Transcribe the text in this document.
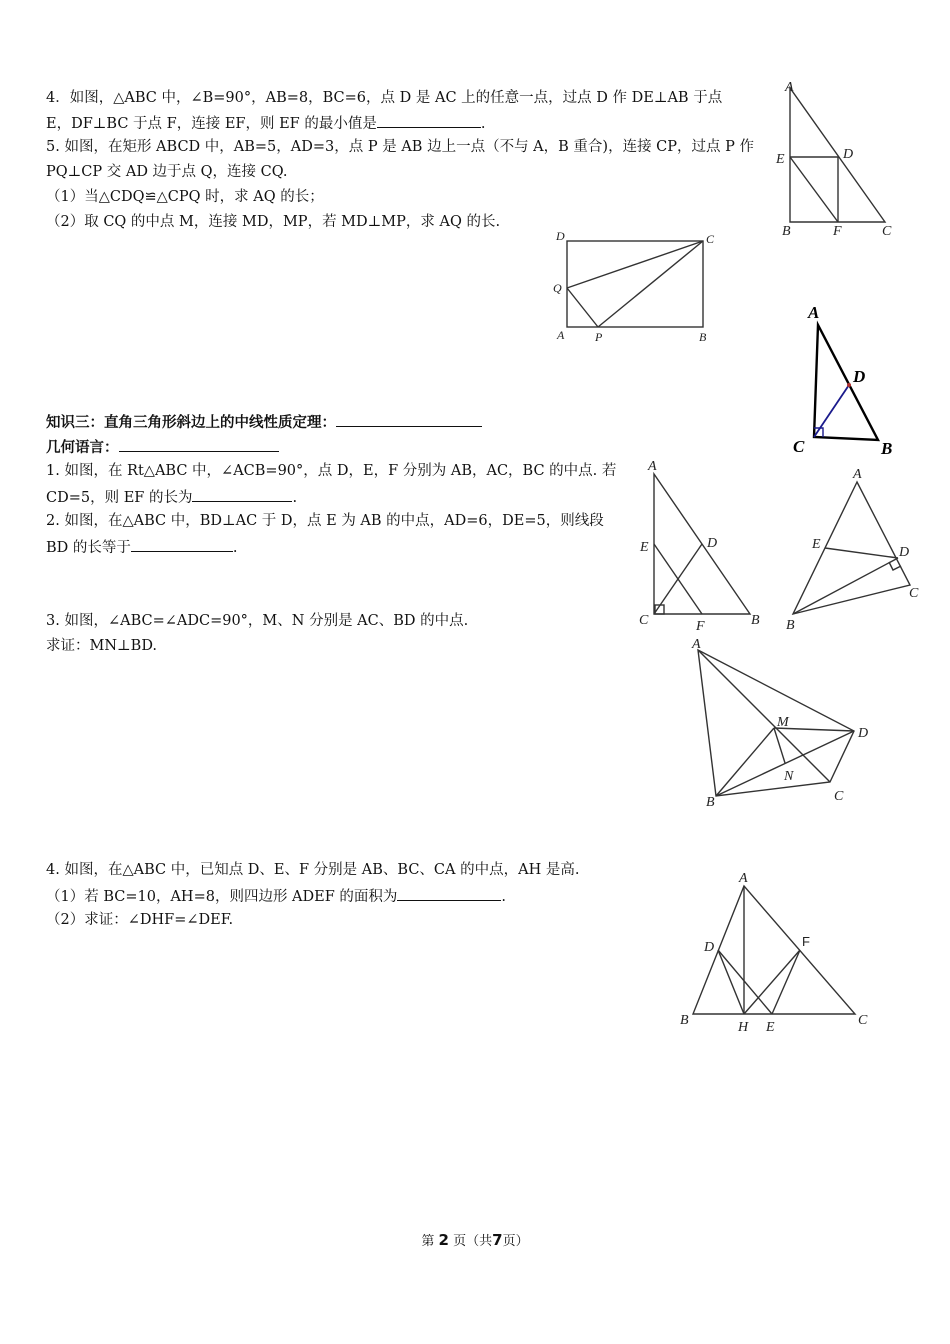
4．如图，△ABC 中，∠B=90°，AB=8，BC=6，点 D 是 AC 上的任意一点，过点 D 作 DE⊥AB 于点
E，DF⊥BC 于点 F，连接 EF，则 EF 的最小值是	.
5. 如图，在矩形 ABCD 中，AB=5，AD=3，点 P 是 AB 边上一点（不与 A，B 重合)，连接 CP，过点 P 作
PQ⊥CP 交 AD 边于点 Q，连接 CQ.
（1）当△CDQ≌△CPQ 时，求 AQ 的长；
（2）取 CQ 的中点 M，连接 MD，MP，若 MD⊥MP，求 AQ 的长.
知识三：直角三角形斜边上的中线性质定理：
几何语言：
1. 如图，在 Rt△ABC 中，∠ACB=90°，点 D，E，F 分别为 AB，AC，BC 的中点. 若
CD=5，则 EF 的长为	.
2. 如图，在△ABC 中，BD⊥AC 于 D，点 E 为 AB 的中点，AD=6，DE=5，则线段
BD 的长等于	.
3. 如图，∠ABC=∠ADC=90°，M、N 分别是 AC、BD 的中点.
求证：MN⊥BD.
4. 如图，在△ABC 中，已知点 D、E、F 分别是 AB、BC、CA 的中点，AH 是高.
（1）若 BC=10，AH=8，则四边形 ADEF 的面积为	.
（2）求证：∠DHF=∠DEF.
A
E	D
B	F	C
D	C
Q
A	P	B
A
D
C	B
A
E	D
C	F	B
A
E
D
C
B
A
M
D
N
C
B
A
D	F
B	H E	C
第 2 页（共7页）
